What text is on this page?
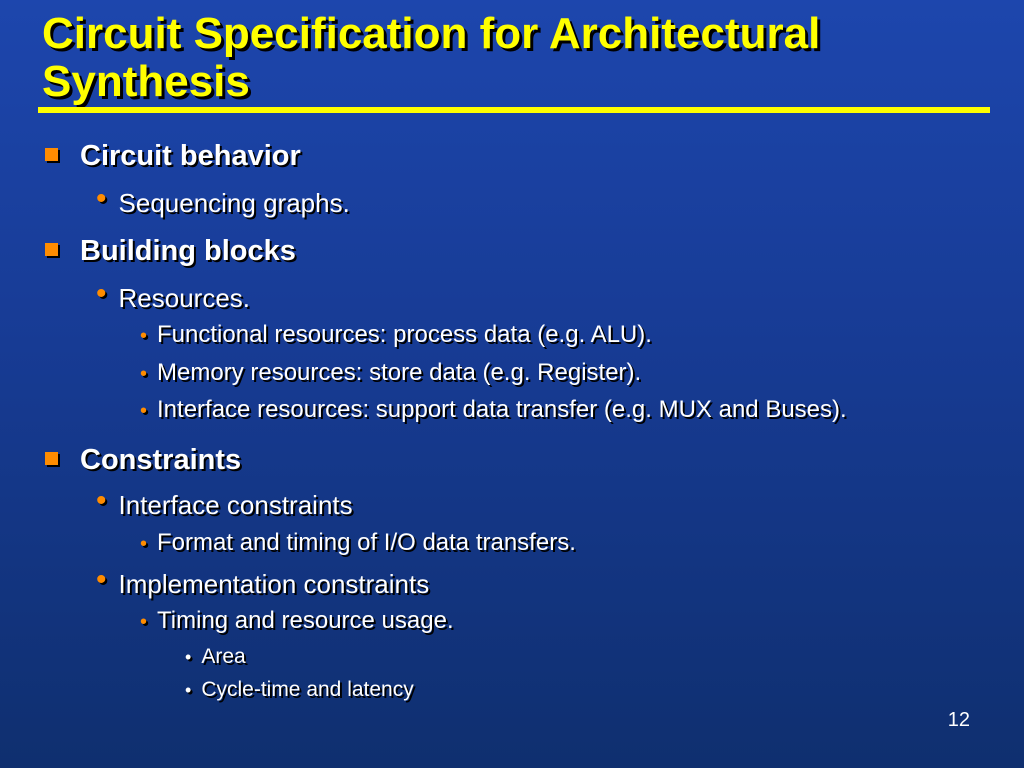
Circuit Specification for Architectural
Synthesis
Circuit behavior
• Sequencing graphs.
Building blocks
• Resources.
• Functional resources: process data (e.g. ALU).
• Memory resources: store data (e.g. Register).
• Interface resources: support data transfer (e.g. MUX and Buses).
Constraints
• Interface constraints
• Format and timing of I/O data transfers.
• Implementation constraints
• Timing and resource usage.
• Area
• Cycle-time and latency
12
